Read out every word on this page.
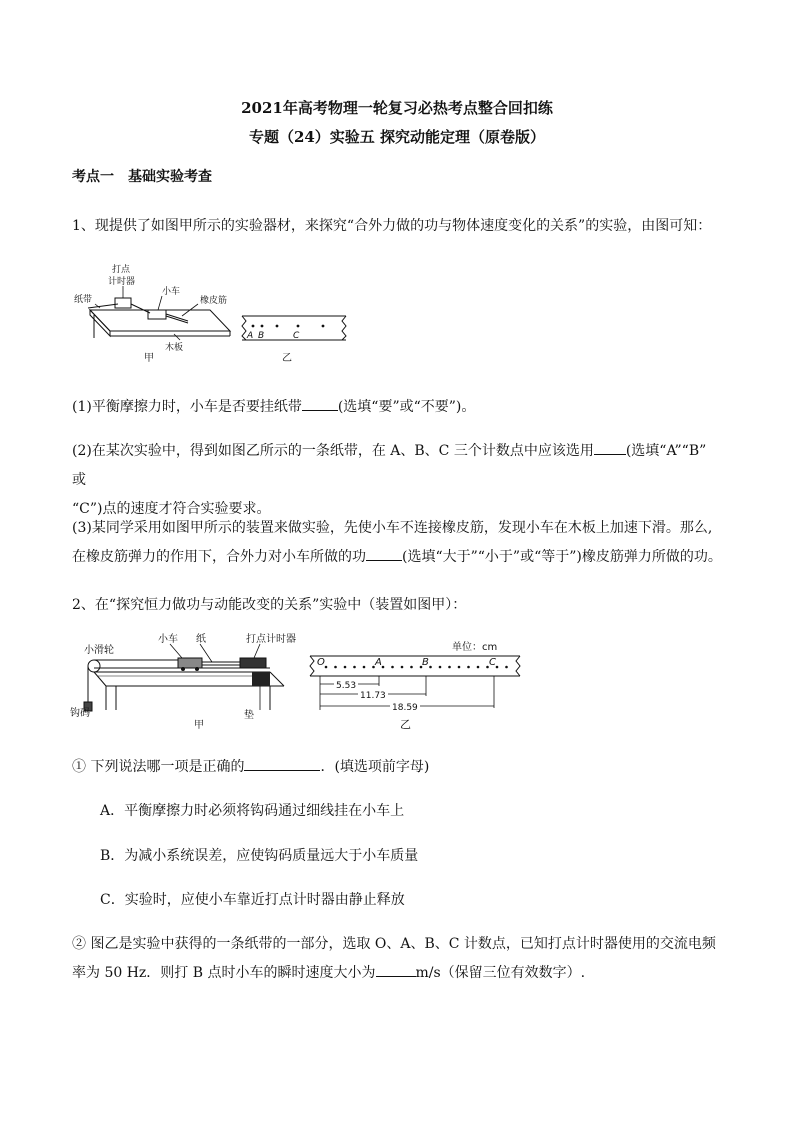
2021年高考物理一轮复习必热考点整合回扣练
专题（24）实验五 探究动能定理（原卷版）
考点一 基础实验考查
1、现提供了如图甲所示的实验器材，来探究“合外力做的功与物体速度变化的关系”的实验，由图可知：
打点
计时器
纸带
小车
橡皮筋
木板
甲
A B	C
乙
(1)平衡摩擦力时，小车是否要挂纸带	(选填“要”或“不要”)。
(2)在某次实验中，得到如图乙所示的一条纸带，在 A、B、C 三个计数点中应该选用 (选填“A”“B” 或
“C”)点的速度才符合实验要求。
(3)某同学采用如图甲所示的装置来做实验，先使小车不连接橡皮筋，发现小车在木板上加速下滑。那么,
在橡皮筋弹力的作用下，合外力对小车所做的功	(选填“大于”“小于”或“等于”)橡皮筋弹力所做的功。
2、在“探究恒力做功与动能改变的关系”实验中（装置如图甲）：
小滑轮
小车 纸	打点计时器
钩码	垫
甲
单位：cm
O	A	B	C
5.53
11.73
18.59
乙
① 下列说法哪一项是正确的	．(填选项前字母)
A．平衡摩擦力时必须将钩码通过细线挂在小车上
B．为减小系统误差，应使钩码质量远大于小车质量
C．实验时，应使小车靠近打点计时器由静止释放
② 图乙是实验中获得的一条纸带的一部分，选取 O、A、B、C 计数点，已知打点计时器使用的交流电频
率为 50 Hz．则打 B 点时小车的瞬时速度大小为	m/s（保留三位有效数字）.
